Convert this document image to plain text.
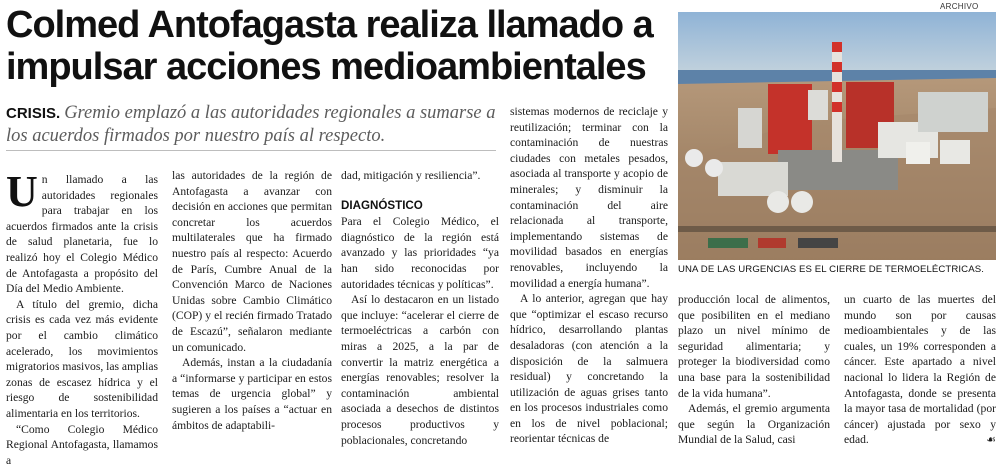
Colmed Antofagasta realiza llamado a
impulsar acciones medioambientales
CRISIS. Gremio emplazó a las autoridades regionales a sumarse a los acuerdos firmados por nuestro país al respecto.

Un llamado a las autoridades regionales para trabajar en los acuerdos firmados ante la crisis de salud planetaria, fue lo realizó hoy el Colegio Médico de Antofagasta a propósito del Día del Medio Ambiente.

A título del gremio, dicha crisis es cada vez más evidente por el cambio climático acelerado, los movimientos migratorios masivos, las amplias zonas de escasez hídrica y el riesgo de sostenibilidad alimentaria en los territorios.

“Como Colegio Médico Regional Antofagasta, llamamos a

las autoridades de la región de Antofagasta a avanzar con decisión en acciones que permitan concretar los acuerdos multilaterales que ha firmado nuestro país al respecto: Acuerdo de París, Cumbre Anual de la Convención Marco de Naciones Unidas sobre Cambio Climático (COP) y el recién firmado Tratado de Escazú”, señalaron mediante un comunicado.

Además, instan a la ciudadanía a “informarse y participar en estos temas de urgencia global” y sugieren a los países a “actuar en ámbitos de adaptabili-

dad, mitigación y resiliencia”.

DIAGNÓSTICO

Para el Colegio Médico, el diagnóstico de la región está avanzado y las prioridades “ya han sido reconocidas por autoridades técnicas y políticas”.

Así lo destacaron en un listado que incluye: “acelerar el cierre de termoeléctricas a carbón con miras a 2025, a la par de convertir la matriz energética a energías renovables; resolver la contaminación ambiental asociada a desechos de distintos procesos productivos y poblacionales, concretando

sistemas modernos de reciclaje y reutilización; terminar con la contaminación de nuestras ciudades con metales pesados, asociada al transporte y acopio de minerales; y disminuir la contaminación del aire relacionada al transporte, implementando sistemas de movilidad basados en energías renovables, incluyendo la movilidad a energía humana”.

A lo anterior, agregan que hay que “optimizar el escaso recurso hídrico, desarrollando plantas desaladoras (con atención a la disposición de la salmuera residual) y concretando la utilización de aguas grises tanto en los procesos industriales como en los de nivel poblacional; reorientar técnicas de

ARCHIVO
UNA DE LAS URGENCIAS ES EL CIERRE DE TERMOELÉCTRICAS.

producción local de alimentos, que posibiliten en el mediano plazo un nivel mínimo de seguridad alimentaria; y proteger la biodiversidad como una base para la sostenibilidad de la vida humana”.

Además, el gremio argumenta que según la Organización Mundial de la Salud, casi

un cuarto de las muertes del mundo son por causas medioambientales y de las cuales, un 19% corresponden a cáncer. Este apartado a nivel nacional lo lidera la Región de Antofagasta, donde se presenta la mayor tasa de mortalidad (por cáncer) ajustada por sexo y edad.	☙
